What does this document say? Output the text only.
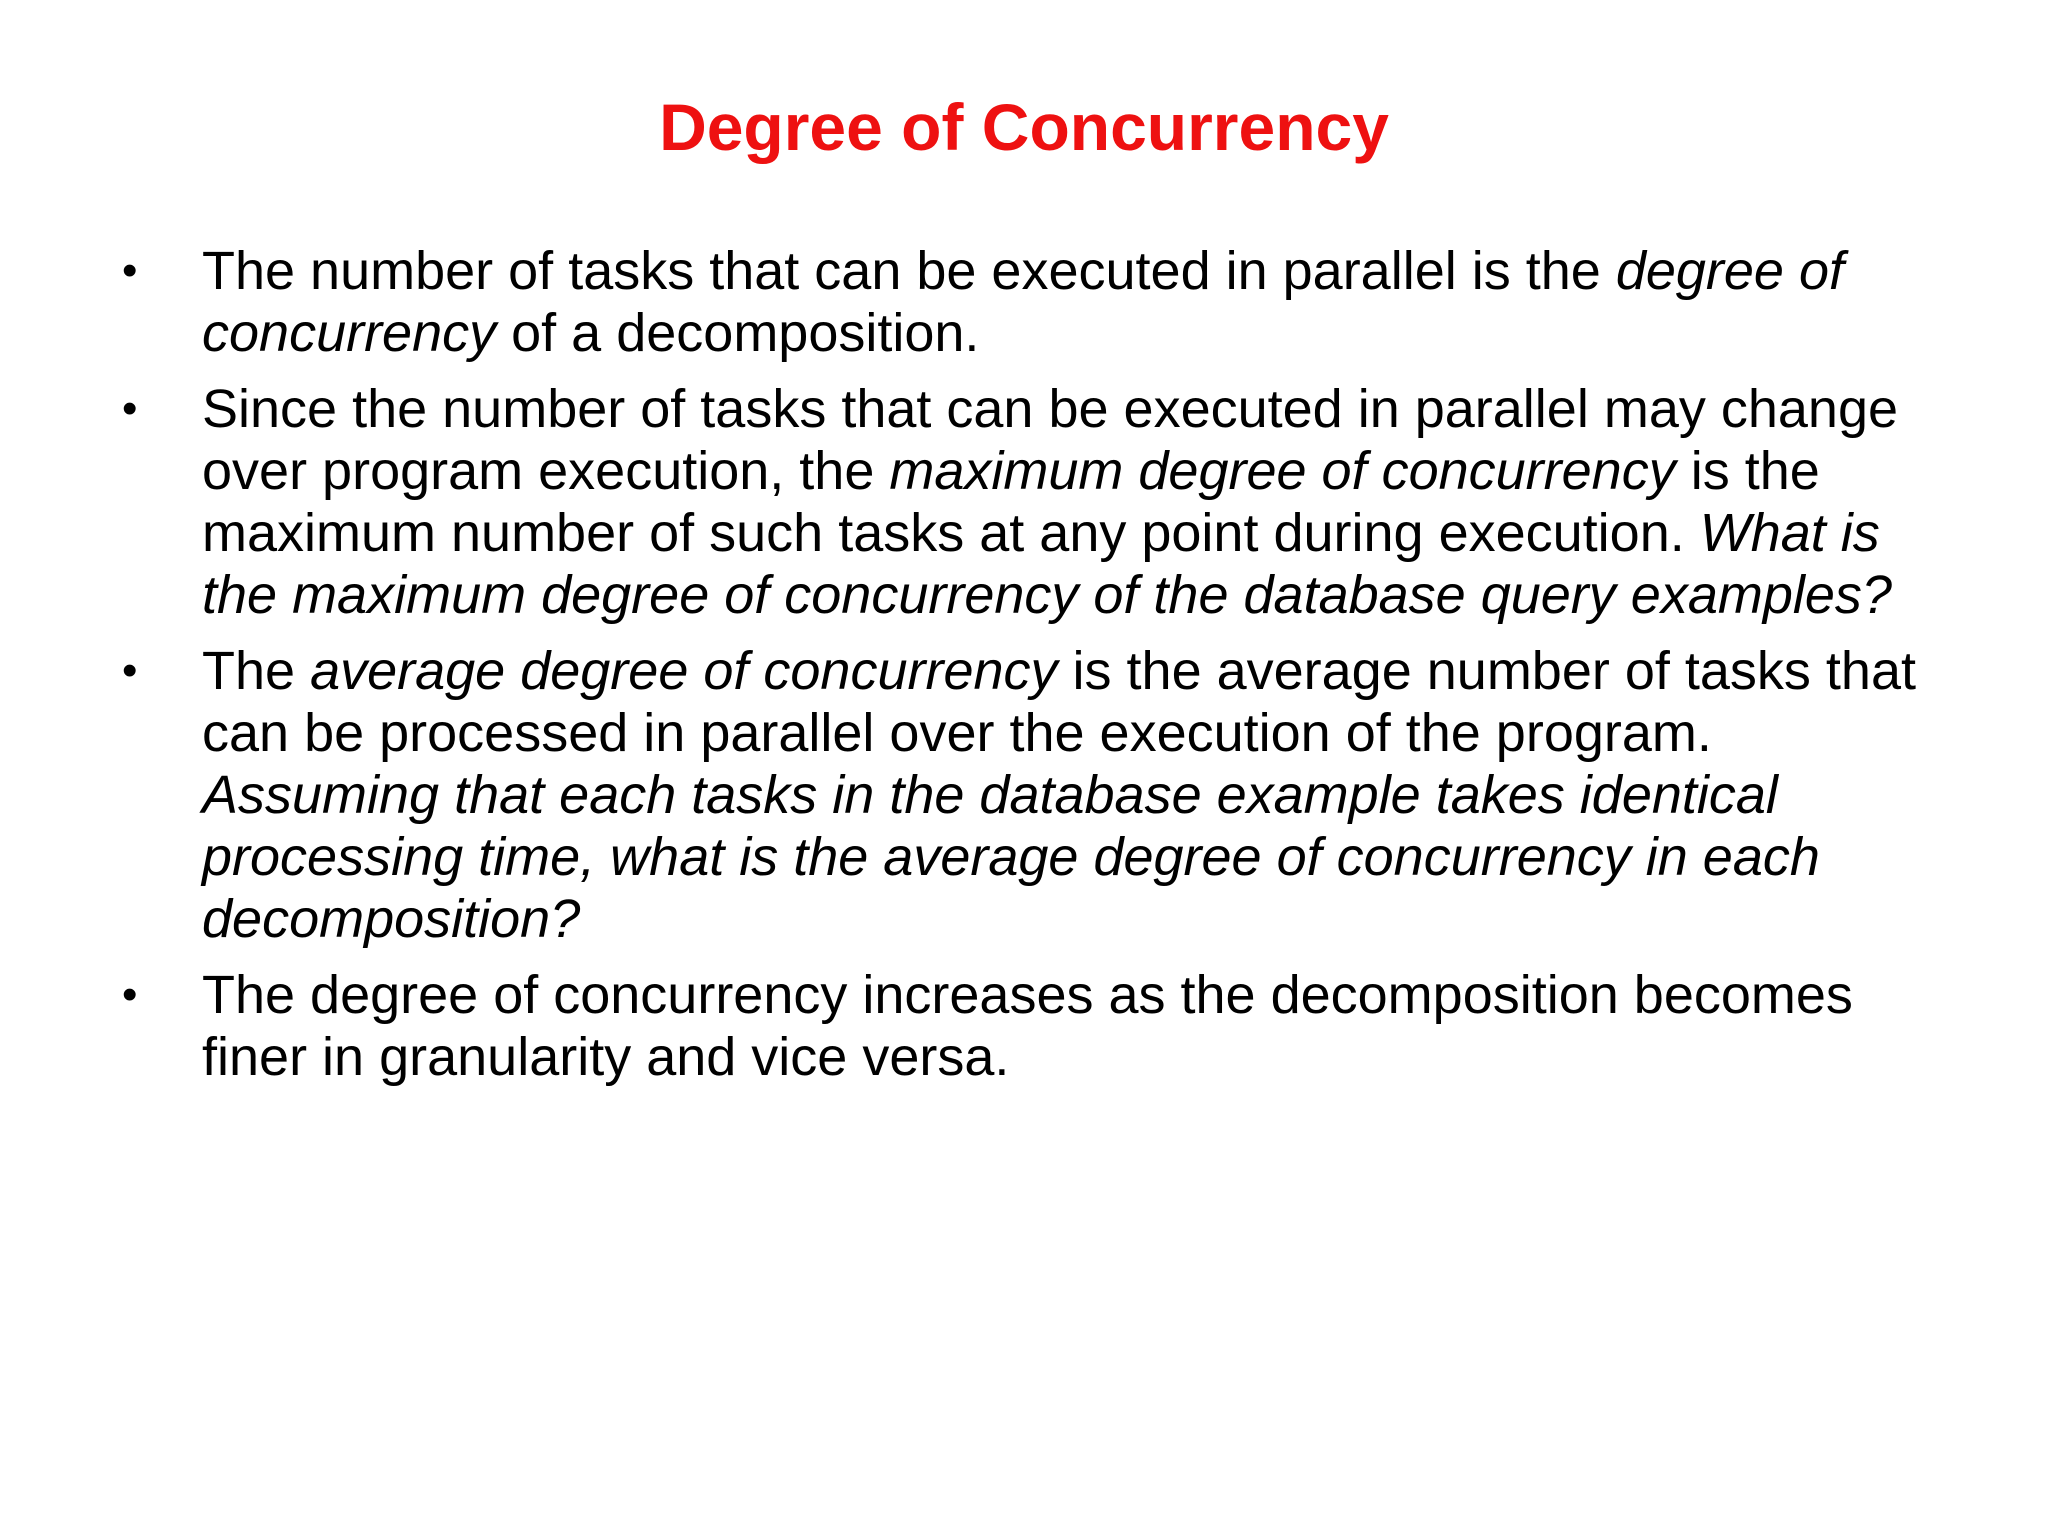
Degree of Concurrency
•	The number of tasks that can be executed in parallel is the degree of concurrency of a decomposition.
•	Since the number of tasks that can be executed in parallel may change over program execution, the maximum degree of concurrency is the maximum number of such tasks at any point during execution. What is the maximum degree of concurrency of the database query examples?
•	The average degree of concurrency is the average number of tasks that can be processed in parallel over the execution of the program. Assuming that each tasks in the database example takes identical processing time, what is the average degree of concurrency in each decomposition?
•	The degree of concurrency increases as the decomposition becomes finer in granularity and vice versa.
